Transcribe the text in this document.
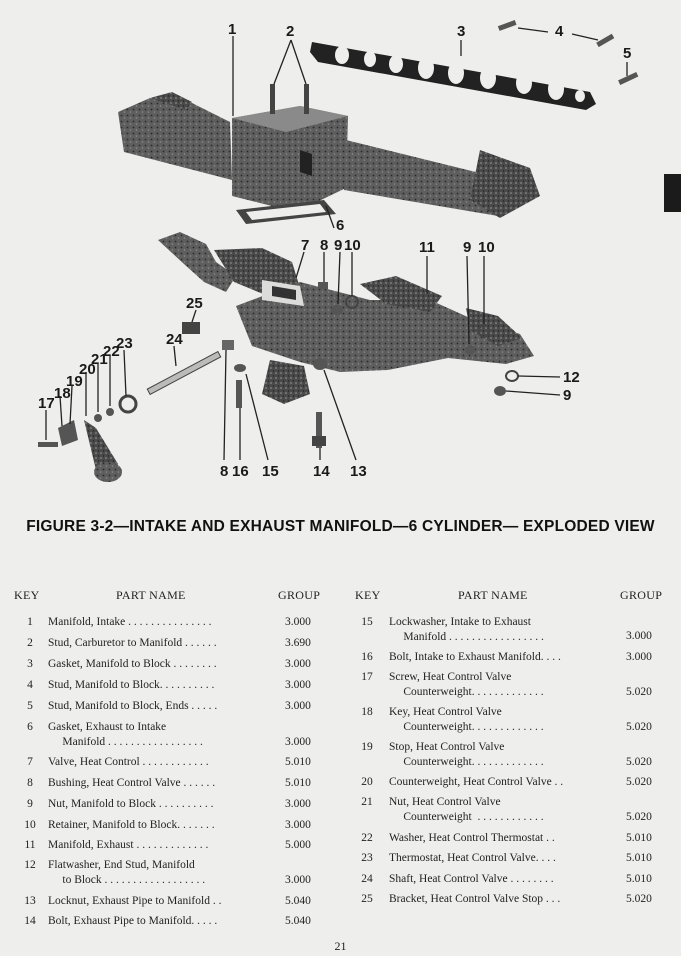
1	2	3	4
5
6
7 8 9 10	11 9 10
25
24
23
22
21
20
19
18
17
8 16 15 14 13
12
9
FIGURE 3-2—INTAKE AND EXHAUST MANIFOLD—6 CYLINDER— EXPLODED VIEW
KEY	PART NAME	GROUP	KEY	PART NAME	GROUP
1	Manifold, Intake . . . . . . . . . . . . . . .	3.000
2	Stud, Carburetor to Manifold . . . . . .	3.690
3	Gasket, Manifold to Block . . . . . . . .	3.000
4	Stud, Manifold to Block. . . . . . . . . .	3.000
5	Stud, Manifold to Block, Ends . . . . .	3.000
6	Gasket, Exhaust to Intake
Manifold . . . . . . . . . . . . . . . . .	3.000
7	Valve, Heat Control . . . . . . . . . . . .	5.010
8	Bushing, Heat Control Valve . . . . . .	5.010
9	Nut, Manifold to Block . . . . . . . . . .	3.000
10	Retainer, Manifold to Block. . . . . . .	3.000
11	Manifold, Exhaust . . . . . . . . . . . . .	5.000
12	Flatwasher, End Stud, Manifold
to Block . . . . . . . . . . . . . . . . . .	3.000
13	Locknut, Exhaust Pipe to Manifold . .	5.040
14	Bolt, Exhaust Pipe to Manifold. . . . .	5.040
15	Lockwasher, Intake to Exhaust
Manifold . . . . . . . . . . . . . . . . .	3.000
16	Bolt, Intake to Exhaust Manifold. . . .	3.000
17	Screw, Heat Control Valve
Counterweight. . . . . . . . . . . . .	5.020
18	Key, Heat Control Valve
Counterweight. . . . . . . . . . . . .	5.020
19	Stop, Heat Control Valve
Counterweight. . . . . . . . . . . . .	5.020
20	Counterweight, Heat Control Valve . .	5.020
21	Nut, Heat Control Valve
Counterweight  . . . . . . . . . . . .	5.020
22	Washer, Heat Control Thermostat . .	5.010
23	Thermostat, Heat Control Valve. . . .	5.010
24	Shaft, Heat Control Valve . . . . . . . .	5.010
25	Bracket, Heat Control Valve Stop . . .	5.020
21
